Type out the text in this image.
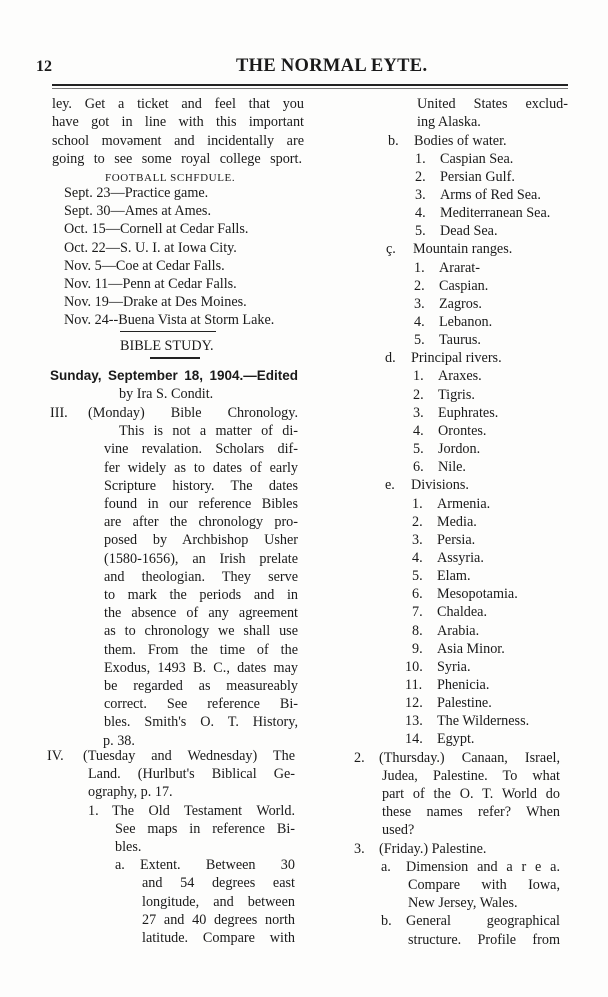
12	THE NORMAL EYTE.
ley. Get a ticket and feel that you
have got in line with this important
school movəment and incidentally are
going to see some royal college sport.
FOOTBALL SCHFDULE.
Sept. 23—Practice game.
Sept. 30—Ames at Ames.
Oct. 15—Cornell at Cedar Falls.
Oct. 22—S. U. I. at Iowa City.
Nov. 5—Coe at Cedar Falls.
Nov. 11—Penn at Cedar Falls.
Nov. 19—Drake at Des Moines.
Nov. 24--Buena Vista at Storm Lake.
BIBLE STUDY.
Sunday, September 18, 1904.—Edited
by Ira S. Condit.
III. (Monday) Bible Chronology.
This is not a matter of di-
vine revalation. Scholars dif-
fer widely as to dates of early
Scripture history. The dates
found in our reference Bibles
are after the chronology pro-
posed by Archbishop Usher
(1580-1656), an Irish prelate
and theologian. They serve
to mark the periods and in
the absence of any agreement
as to chronology we shall use
them. From the time of the
Exodus, 1493 B. C., dates may
be regarded as measureably
correct. See reference Bi-
bles. Smith's O. T. History,
p. 38.
IV. (Tuesday and Wednesday) The
Land. (Hurlbut's Biblical Ge-
ography, p. 17.
1. The Old Testament World.
See maps in reference Bi-
bles.
a. Extent. Between 30
and 54 degrees east
longitude, and between
27 and 40 degrees north
latitude. Compare with
United States exclud-
ing Alaska.
b. Bodies of water.
1. Caspian Sea.
2. Persian Gulf.
3. Arms of Red Sea.
4. Mediterranean Sea.
5. Dead Sea.
ç. Mountain ranges.
1. Ararat-
2. Caspian.
3. Zagros.
4. Lebanon.
5. Taurus.
d. Principal rivers.
1. Araxes.
2. Tigris.
3. Euphrates.
4. Orontes.
5. Jordon.
6. Nile.
e. Divisions.
1. Armenia.
2. Media.
3. Persia.
4. Assyria.
5. Elam.
6. Mesopotamia.
7. Chaldea.
8. Arabia.
9. Asia Minor.
10. Syria.
11. Phenicia.
12. Palestine.
13. The Wilderness.
14. Egypt.
2. (Thursday.) Canaan, Israel,
Judea, Palestine. To what
part of the O. T. World do
these names refer? When
used?
3. (Friday.) Palestine.
a. Dimension and a r e a.
Compare with Iowa,
New Jersey, Wales.
b. General geographical
structure. Profile from
